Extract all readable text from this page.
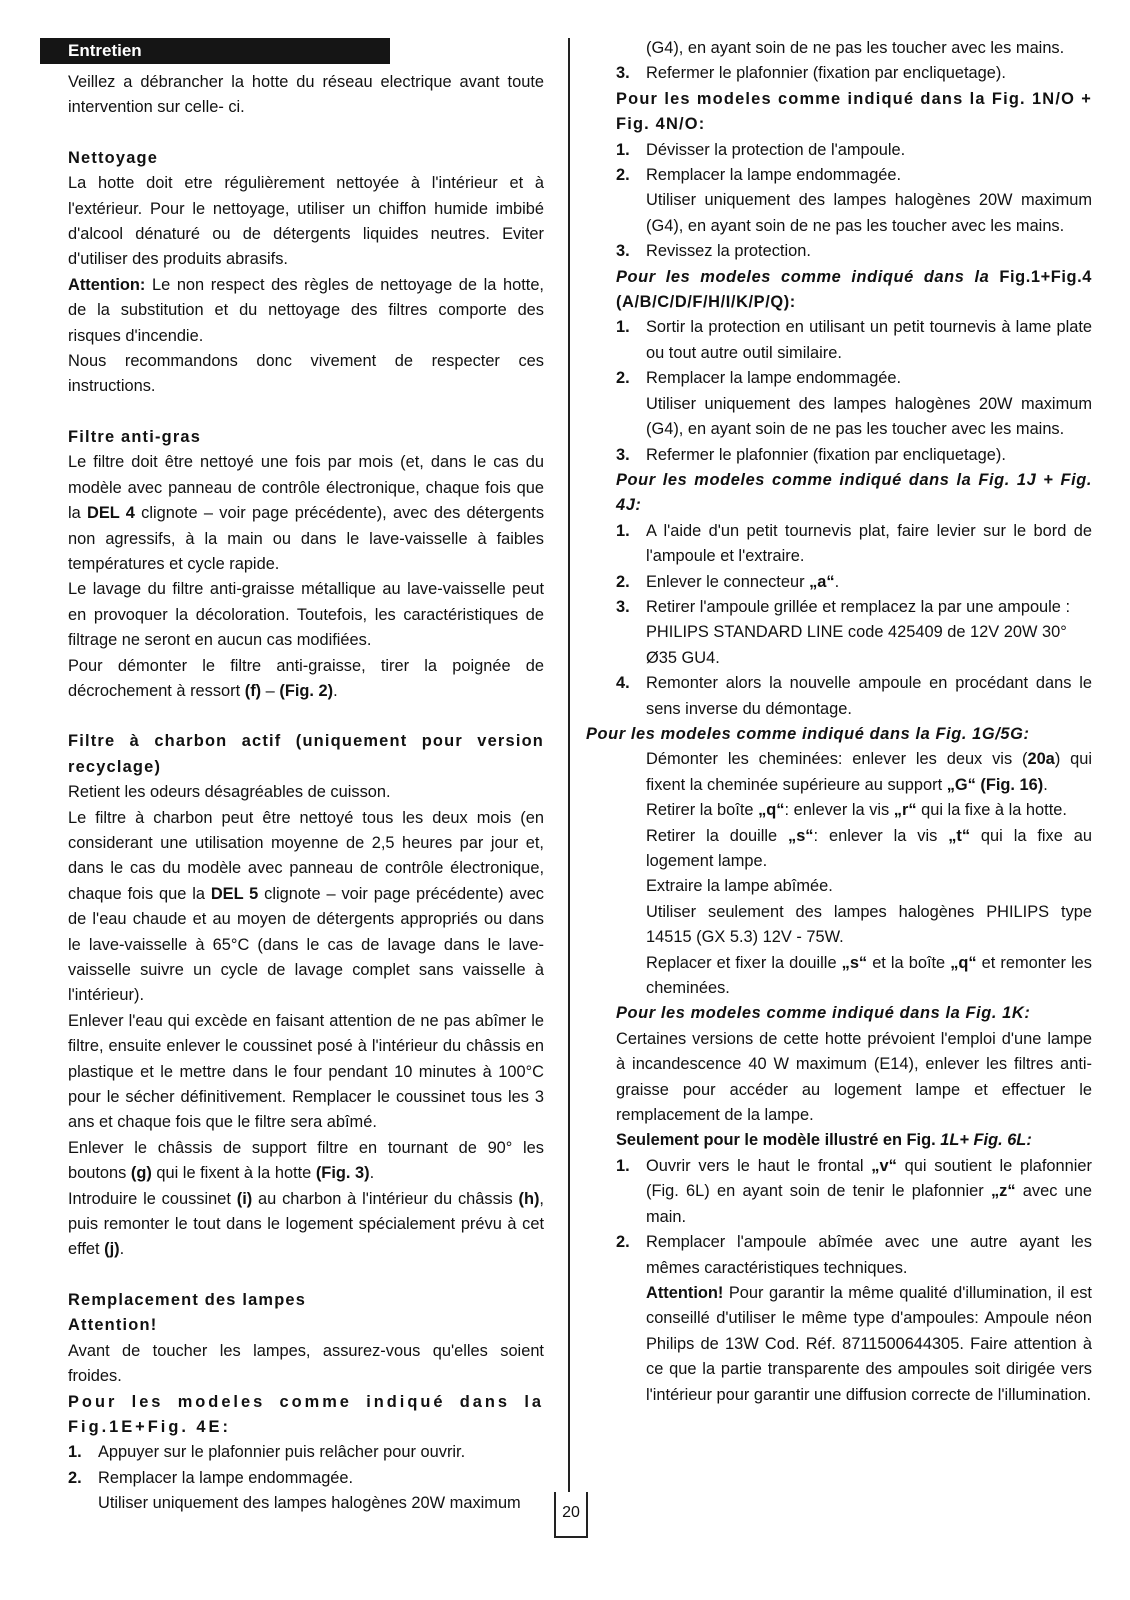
Entretien
20

Veillez a débrancher la hotte du réseau electrique avant toute intervention sur celle- ci.

Nettoyage

La hotte doit etre régulièrement nettoyée à l'intérieur et à l'extérieur. Pour le nettoyage, utiliser un chiffon humide imbibé d'alcool dénaturé ou de détergents liquides neutres. Eviter d'utiliser des produits abrasifs.

Attention: Le non respect des règles de nettoyage de la hotte, de la substitution et du nettoyage des filtres comporte des risques d'incendie.

Nous recommandons donc vivement de respecter ces instructions.

Filtre anti-gras

Le filtre doit être nettoyé une fois par mois (et, dans le cas du modèle avec panneau de contrôle électronique, chaque fois que la DEL 4 clignote – voir page précédente), avec des détergents non agressifs, à la main ou dans le lave-vaisselle à faibles températures et cycle rapide.

Le lavage du filtre anti-graisse métallique au lave-vaisselle peut en provoquer la décoloration. Toutefois, les caractéristiques de filtrage ne seront en aucun cas modifiées.

Pour démonter le filtre anti-graisse, tirer la poignée de décrochement à ressort (f) – (Fig. 2).

Filtre à charbon actif (uniquement pour version recyclage)

Retient les odeurs désagréables de cuisson.

Le filtre à charbon peut être nettoyé tous les deux mois (en considerant une utilisation moyenne de 2,5 heures par jour et, dans le cas du modèle avec panneau de contrôle électronique, chaque fois que la DEL 5 clignote – voir page précédente) avec de l'eau chaude et au moyen de détergents appropriés ou dans le lave-vaisselle à 65°C (dans le cas de lavage dans le lave-vaisselle suivre un cycle de lavage complet sans vaisselle à l'intérieur).

Enlever l'eau qui excède en faisant attention de ne pas abîmer le filtre, ensuite enlever le coussinet posé à l'intérieur du châssis en plastique et le mettre dans le four pendant 10 minutes à 100°C pour le sécher définitivement. Remplacer le coussinet tous les 3 ans et chaque fois que le filtre sera abîmé.

Enlever le châssis de support filtre en tournant de 90° les boutons (g) qui le fixent à la hotte (Fig. 3).

Introduire le coussinet (i) au charbon à l'intérieur du châssis (h), puis remonter le tout dans le logement spécialement prévu à cet effet (j).

Remplacement des lampes

Attention!

Avant de toucher les lampes, assurez-vous qu'elles soient froides.

Pour les modeles comme indiqué dans la Fig.1E+Fig. 4E:

1. Appuyer sur le plafonnier puis relâcher pour ouvrir.
2. Remplacer la lampe endommagée.

Utiliser uniquement des lampes halogènes 20W maximum

(G4), en ayant soin de ne pas les toucher avec les mains.

3. Refermer le plafonnier (fixation par encliquetage).

Pour les modeles comme indiqué dans la Fig. 1N/O + Fig. 4N/O:

1. Dévisser la protection de l'ampoule.
2. Remplacer la lampe endommagée.

Utiliser uniquement des lampes halogènes 20W maximum (G4), en ayant soin de ne pas les toucher avec les mains.

3. Revissez la protection.

Pour les modeles comme indiqué dans la Fig.1+Fig.4 (A/B/C/D/F/H/I/K/P/Q):

1. Sortir la protection en utilisant un petit tournevis à lame plate ou tout autre outil similaire.
2. Remplacer la lampe endommagée.

Utiliser uniquement des lampes halogènes 20W maximum (G4), en ayant soin de ne pas les toucher avec les mains.

3. Refermer le plafonnier (fixation par encliquetage).

Pour les modeles comme indiqué dans la Fig. 1J + Fig. 4J:

1. A l'aide d'un petit tournevis plat, faire levier sur le bord de l'ampoule et l'extraire.
2. Enlever le connecteur „a“.
3. Retirer l'ampoule grillée et remplacez la par une ampoule : PHILIPS STANDARD LINE code 425409 de 12V 20W 30° Ø35 GU4.
4. Remonter alors la nouvelle ampoule en procédant dans le sens inverse du démontage.

Pour les modeles comme indiqué dans la Fig. 1G/5G:

Démonter les cheminées: enlever les deux vis (20a) qui fixent la cheminée supérieure au support „G“ (Fig. 16).

Retirer la boîte „q“: enlever la vis „r“ qui la fixe à la hotte.

Retirer la douille „s“: enlever la vis „t“ qui la fixe au logement lampe.

Extraire la lampe abîmée.

Utiliser seulement des lampes halogènes PHILIPS type 14515 (GX 5.3) 12V - 75W.

Replacer et fixer la douille „s“ et la boîte „q“ et remonter les cheminées.

Pour les modeles comme indiqué dans la Fig. 1K:

Certaines versions de cette hotte prévoient l'emploi d'une lampe à incandescence 40 W maximum (E14), enlever les filtres anti-graisse pour accéder au logement lampe et effectuer le remplacement de la lampe.

Seulement pour le modèle illustré en Fig. 1L+ Fig. 6L:

1. Ouvrir vers le haut le frontal „v“ qui soutient le plafonnier (Fig. 6L) en ayant soin de tenir le plafonnier „z“ avec une main.
2. Remplacer l'ampoule abîmée avec une autre ayant les mêmes caractéristiques techniques.

Attention! Pour garantir la même qualité d'illumination, il est conseillé d'utiliser le même type d'ampoules: Ampoule néon Philips de 13W Cod. Réf. 8711500644305. Faire attention à ce que la partie transparente des ampoules soit dirigée vers l'intérieur pour garantir une diffusion correcte de l'illumination.
